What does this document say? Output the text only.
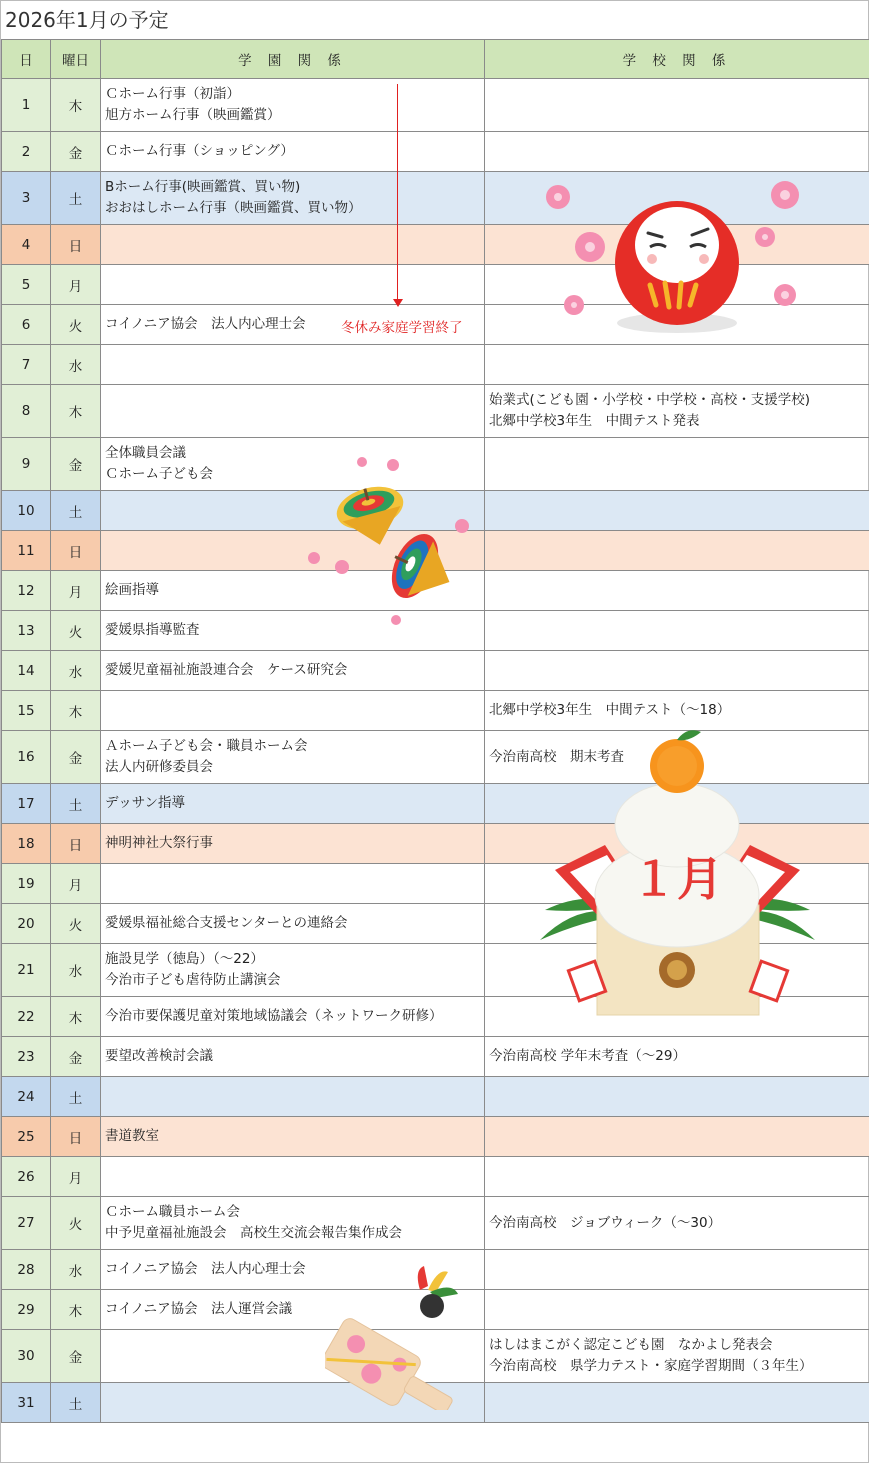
2026年1月の予定
日	曜日	学 園 関 係	学 校 関 係
1	木	Ｃホーム行事（初詣）
旭方ホーム行事（映画鑑賞）	

2	金	Ｃホーム行事（ショッピング）	

3	土	Bホーム行事(映画鑑賞、買い物)
おおはしホーム行事（映画鑑賞、買い物）	

4	日		
5	月		
6	火	コイノニア協会　法人内心理士会	

7	水		
8	木		始業式(こども園・小学校・中学校・高校・支援学校)
北郷中学校3年生　中間テスト発表

9	金	全体職員会議
Ｃホーム子ども会	

10	土		
11	日		
12	月	絵画指導	

13	火	愛媛県指導監査	

14	水	愛媛児童福祉施設連合会　ケース研究会	

15	木		北郷中学校3年生　中間テスト（～18）

16	金	Ａホーム子ども会・職員ホーム会
法人内研修委員会	今治南高校　期末考査

17	土	デッサン指導	

18	日	神明神社大祭行事	

19	月		
20	火	愛媛県福祉総合支援センターとの連絡会	

21	水	施設見学（徳島）（～22）
今治市子ども虐待防止講演会	

22	木	今治市要保護児童対策地域協議会（ネットワーク研修）	

23	金	要望改善検討会議	今治南高校 学年末考査（～29）

24	土		
25	日	書道教室	

26	月		
27	火	Ｃホーム職員ホーム会
中予児童福祉施設会　高校生交流会報告集作成会	今治南高校　ジョブウィーク（～30）

28	水	コイノニア協会　法人内心理士会	

29	木	コイノニア協会　法人運営会議	

30	金		はしはまこがく認定こども園　なかよし発表会
今治南高校　県学力テスト・家庭学習期間（３年生）

31	土		
冬休み家庭学習終了
１月
